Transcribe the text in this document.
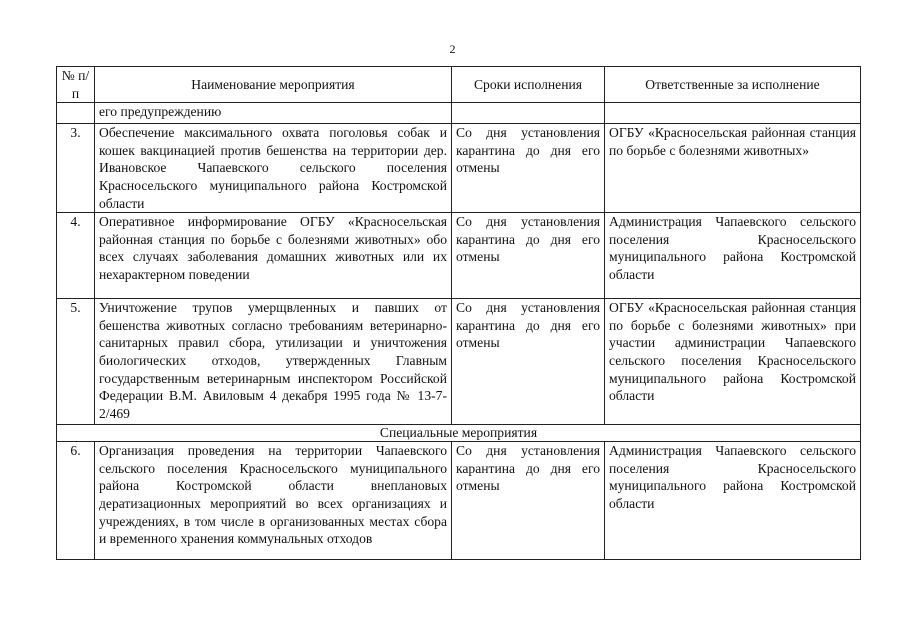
2
№ п/п	Наименование мероприятия	Сроки исполнения	Ответственные за исполнение
	его предупреждению		
3.	Обеспечение максимального охвата поголовья собак и кошек вакцинацией против бешенства на территории дер. Ивановское Чапаевского сельского поселения Красносельского муниципального района Костромской области	Со дня установления карантина до дня его отмены	ОГБУ «Красносельская районная станция по борьбе с болезнями животных»
4.	Оперативное информирование ОГБУ «Красносельская районная станция по борьбе с болезнями животных» обо всех случаях заболевания домашних животных или их нехарактерном поведении	Со дня установления карантина до дня его отмены	Администрация Чапаевского сельского поселения Красносельского муниципального района Костромской области
5.	Уничтожение трупов умерщвленных и павших от бешенства животных согласно требованиям ветеринарно-санитарных правил сбора, утилизации и уничтожения биологических отходов, утвержденных Главным государственным ветеринарным инспектором Российской Федерации В.М. Авиловым 4 декабря 1995 года № 13-7-2/469	Со дня установления карантина до дня его отмены	ОГБУ «Красносельская районная станция по борьбе с болезнями животных» при участии администрации Чапаевского сельского поселения Красносельского муниципального района Костромской области
Специальные мероприятия			
6.	Организация проведения на территории Чапаевского сельского поселения Красносельского муниципального района Костромской области внеплановых дератизационных мероприятий во всех организациях и учреждениях, в том числе в организованных местах сбора и временного хранения коммунальных отходов	Со дня установления карантина до дня его отмены	Администрация Чапаевского сельского поселения Красносельского муниципального района Костромской области
